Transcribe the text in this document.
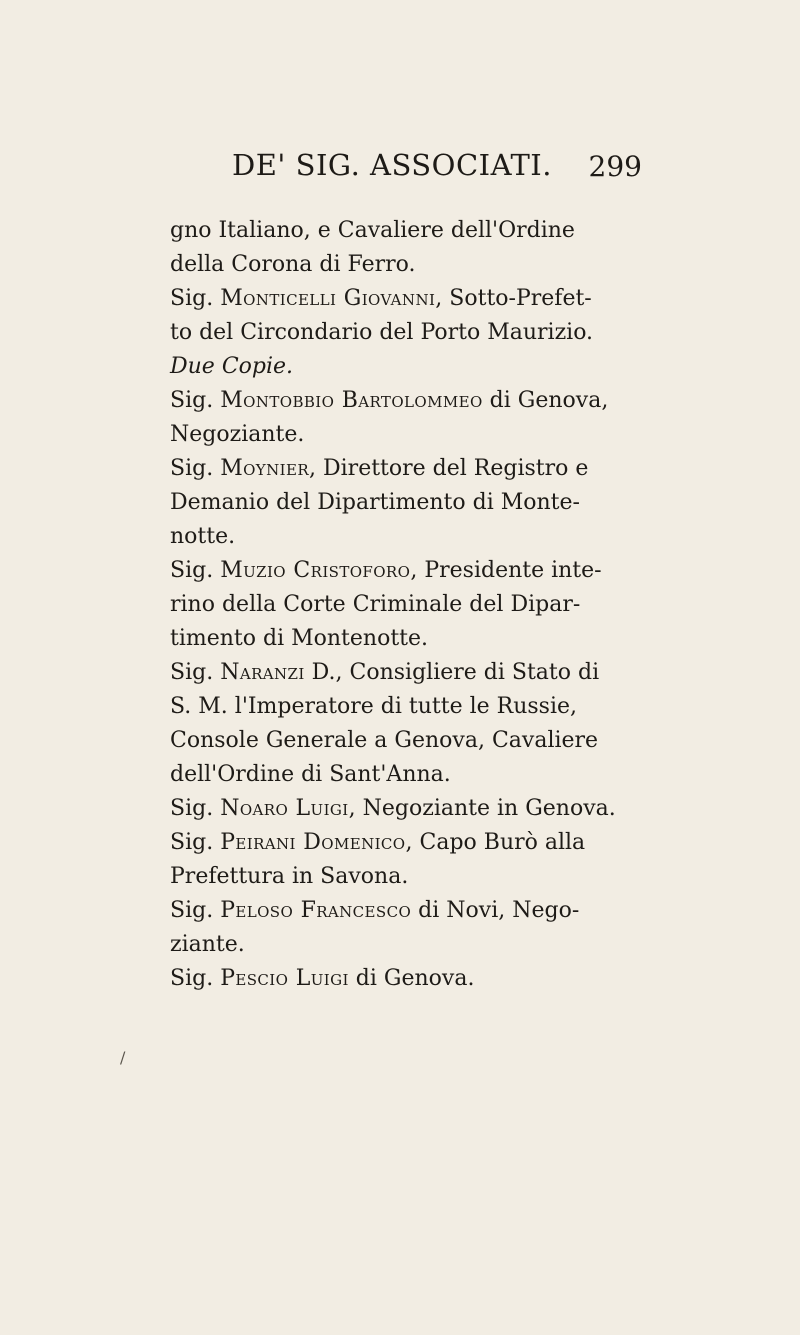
DE' SIG. ASSOCIATI. 299

gno Italiano, e Cavaliere dell'Ordine
della Corona di Ferro.

Sig. Monticelli Giovanni, Sotto-Prefet-
to del Circondario del Porto Maurizio.
Due Copie.

Sig. Montobbio Bartolommeo di Genova,
Negoziante.

Sig. Moynier, Direttore del Registro e
Demanio del Dipartimento di Monte-
notte.

Sig. Muzio Cristoforo, Presidente inte-
rino della Corte Criminale del Dipar-
timento di Montenotte.

Sig. Naranzi D., Consigliere di Stato di
S. M. l'Imperatore di tutte le Russie,
Console Generale a Genova, Cavaliere
dell'Ordine di Sant'Anna.

Sig. Noaro Luigi, Negoziante in Genova.

Sig. Peirani Domenico, Capo Burò alla
Prefettura in Savona.

Sig. Peloso Francesco di Novi, Nego-
ziante.

Sig. Pescio Luigi di Genova.

/
